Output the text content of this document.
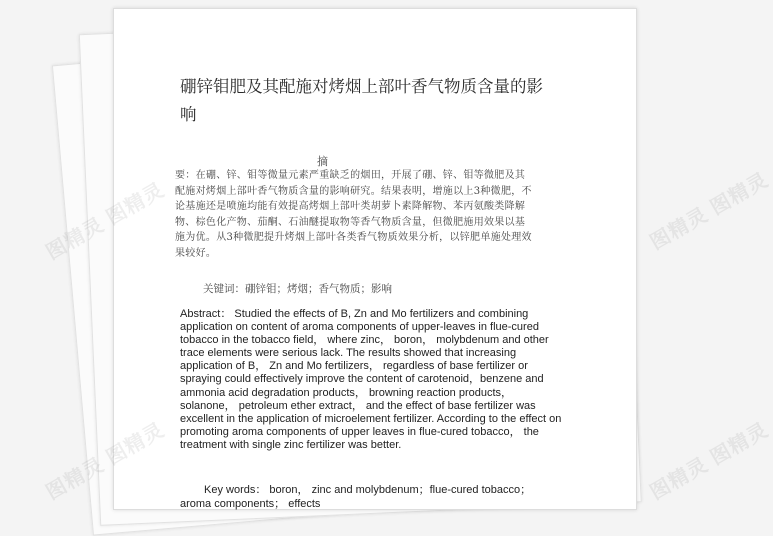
硼锌钼肥及其配施对烤烟上部叶香气物质含量的影
响
摘

要：在硼、锌、钼等微量元素严重缺乏的烟田，开展了硼、锌、钼等微肥及其
配施对烤烟上部叶香气物质含量的影响研究。结果表明，增施以上3种微肥，不
论基施还是喷施均能有效提高烤烟上部叶类胡萝卜素降解物、苯丙氨酸类降解
物、棕色化产物、茄酮、石油醚提取物等香气物质含量，但微肥施用效果以基
施为优。从3种微肥提升烤烟上部叶各类香气物质效果分析，以锌肥单施处理效
果较好。

关键词：硼锌钼；烤烟；香气物质；影响

Abstract： Studied the effects of B, Zn and Mo fertilizers and combining
application on content of aroma components of upper-leaves in flue-cured
tobacco in the tobacco field， where zinc， boron， molybdenum and other
trace elements were serious lack. The results showed that increasing
application of B， Zn and Mo fertilizers， regardless of base fertilizer or
spraying could effectively improve the content of carotenoid，benzene and
ammonia acid degradation products， browning reaction products，
solanone， petroleum ether extract， and the effect of base fertilizer was
excellent in the application of microelement fertilizer. According to the effect on
promoting aroma components of upper leaves in flue-cured tobacco， the
treatment with single zinc fertilizer was better.

Key words： boron， zinc and molybdenum；flue-cured tobacco；
aroma components； effects

图精灵 图精灵
图精灵	图精灵 图精灵
